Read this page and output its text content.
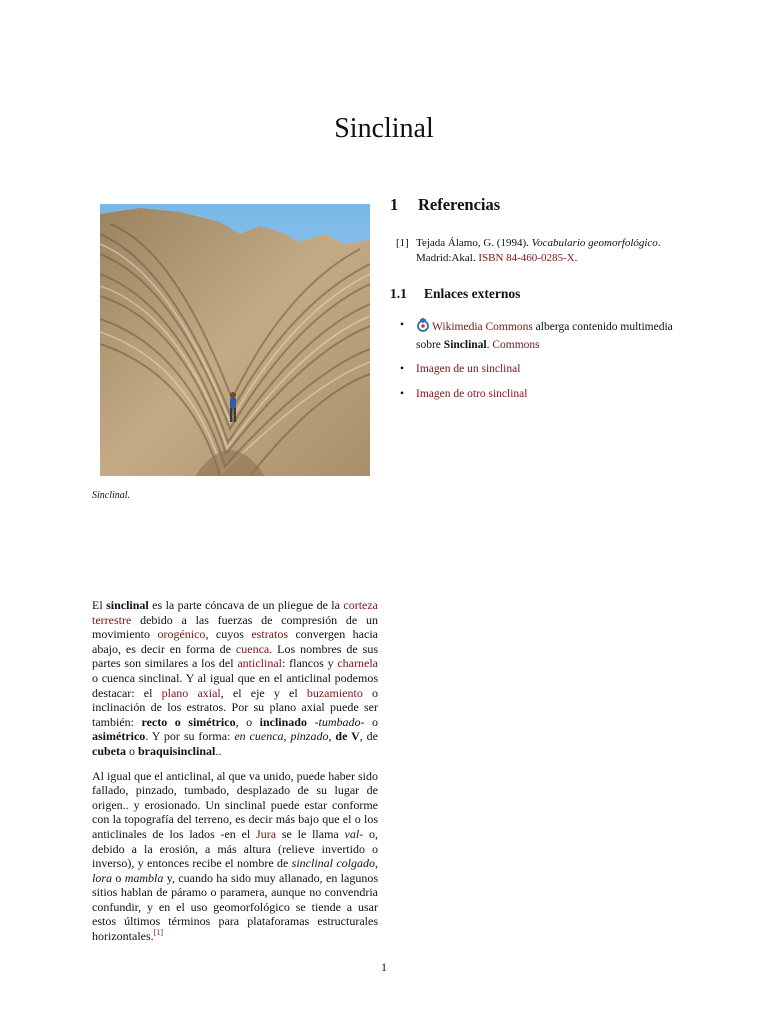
Sinclinal
Sinclinal.
1 Referencias
[1] Tejada Álamo, G. (1994). Vocabulario geomorfológico.
Madrid:Akal. ISBN 84-460-0285-X.
1.1 Enlaces externos
• Wikimedia Commons alberga contenido multimedia sobre Sinclinal. Commons
• Imagen de un sinclinal
• Imagen de otro sinclinal

El sinclinal es la parte cóncava de un pliegue de la corteza terrestre debido a las fuerzas de compresión de un movimiento orogénico, cuyos estratos convergen hacia abajo, es decir en forma de cuenca. Los nombres de sus partes son similares a los del anticlinal: flancos y charnela o cuenca sinclinal. Y al igual que en el anticlinal podemos destacar: el plano axial, el eje y el buzamiento o inclinación de los estratos. Por su plano axial puede ser también: recto o simétrico, o inclinado -tumbado- o asimétrico. Y por su forma: en cuenca, pinzado, de V, de cubeta o braquisinclinal..

Al igual que el anticlinal, al que va unido, puede haber sido fallado, pinzado, tumbado, desplazado de su lugar de origen.. y erosionado. Un sinclinal puede estar conforme con la topografía del terreno, es decir más bajo que el o los anticlinales de los lados -en el Jura se le llama val- o, debido a la erosión, a más altura (relieve invertido o inverso), y entonces recibe el nombre de sinclinal colgado, lora o mambla y, cuando ha sido muy allanado, en lagunos sitios hablan de páramo o paramera, aunque no convendria confundir, y en el uso geomorfológico se tiende a usar estos últimos términos para plataforamas estructurales horizontales.[1]

1
